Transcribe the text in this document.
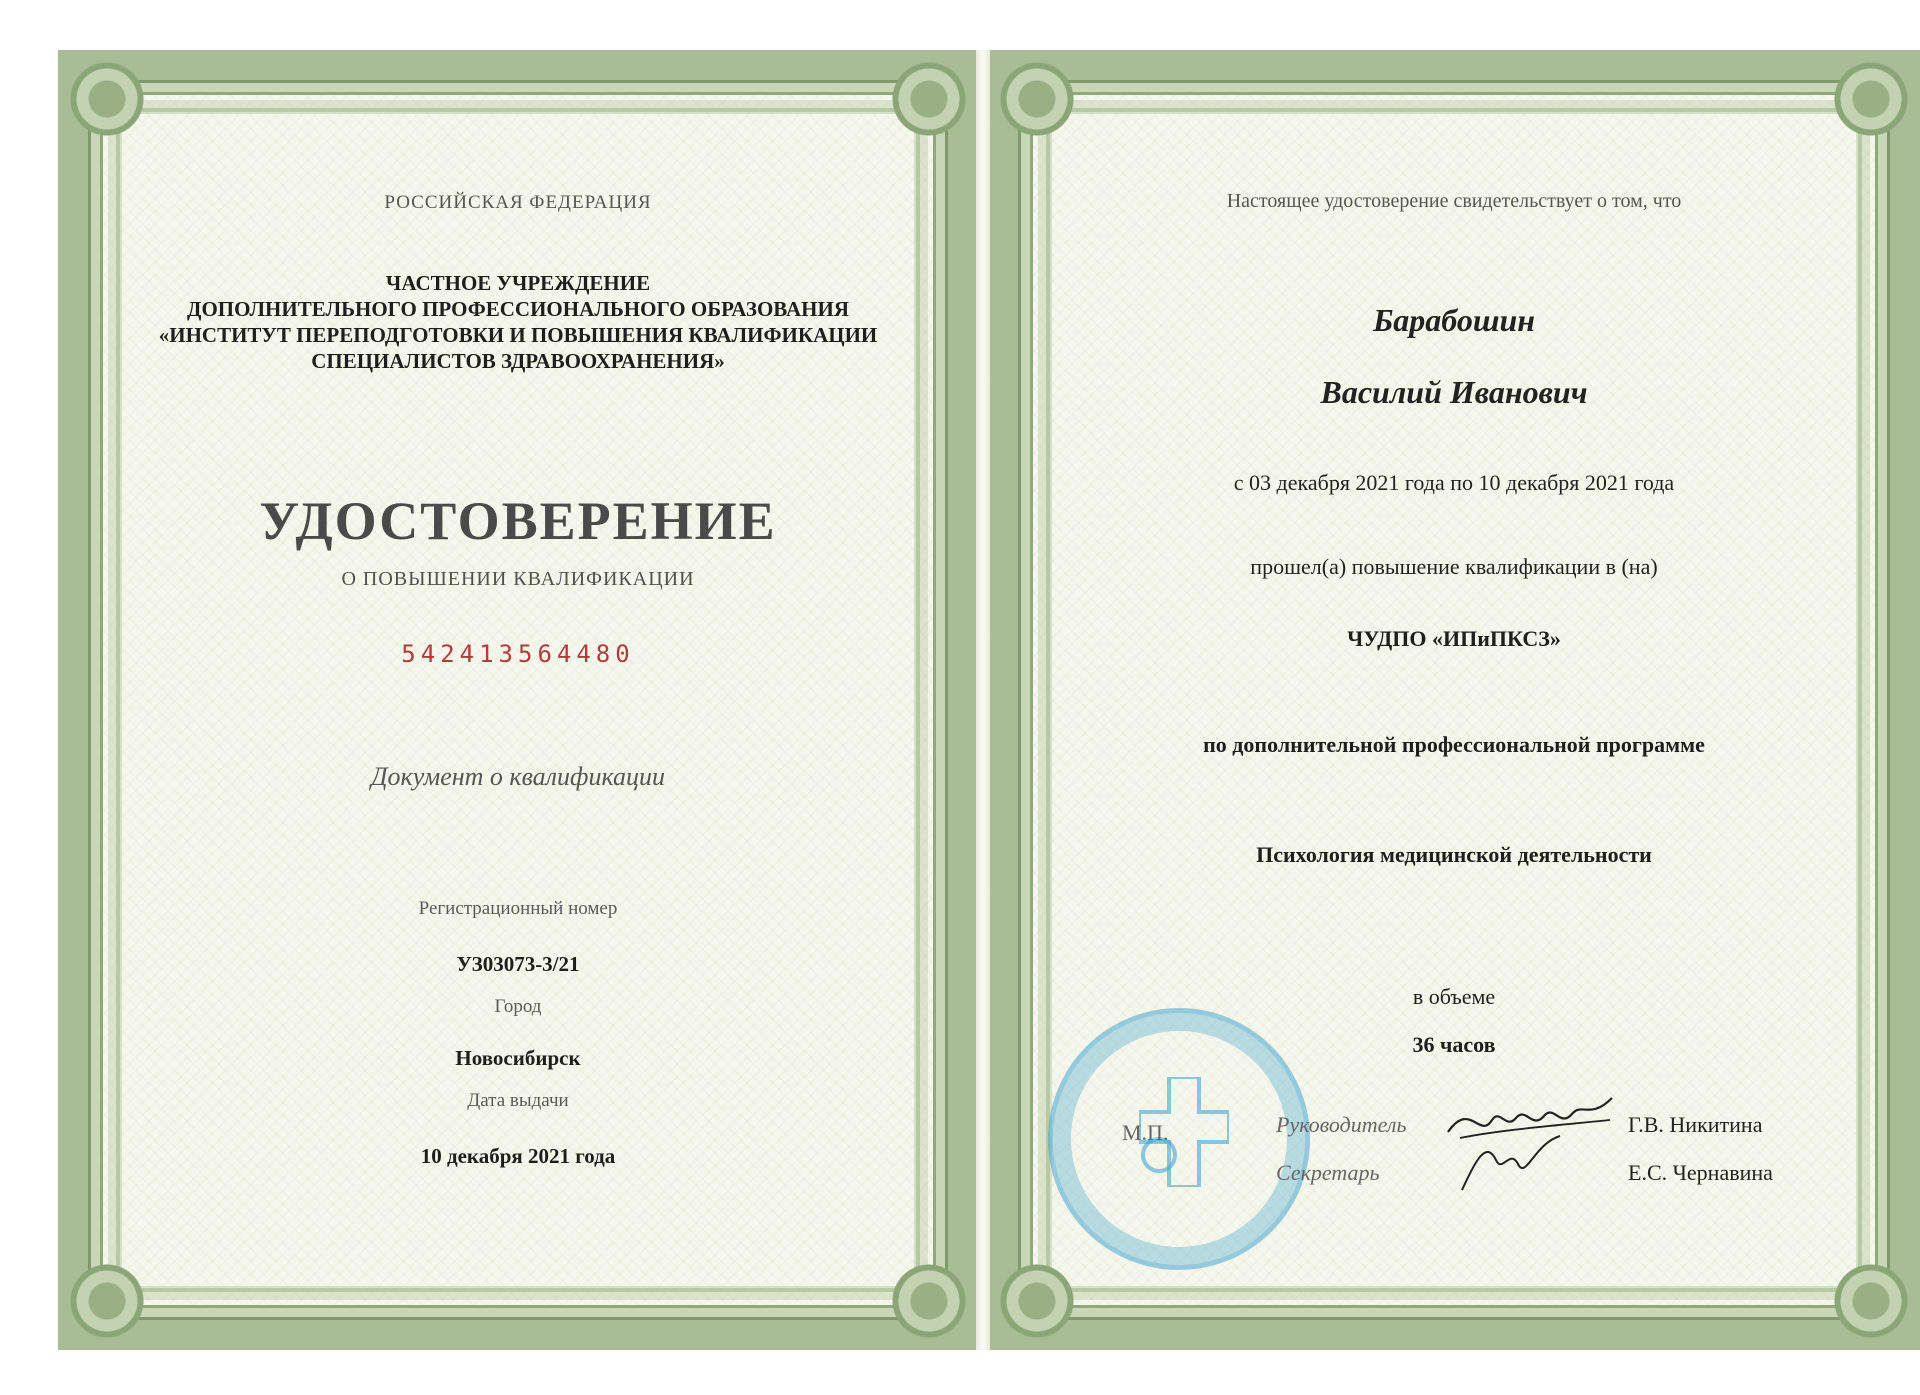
РОССИЙСКАЯ ФЕДЕРАЦИЯ
ЧАСТНОЕ УЧРЕЖДЕНИЕ
ДОПОЛНИТЕЛЬНОГО ПРОФЕССИОНАЛЬНОГО ОБРАЗОВАНИЯ
«ИНСТИТУТ ПЕРЕПОДГОТОВКИ И ПОВЫШЕНИЯ КВАЛИФИКАЦИИ
СПЕЦИАЛИСТОВ ЗДРАВООХРАНЕНИЯ»
УДОСТОВЕРЕНИЕ
О ПОВЫШЕНИИ КВАЛИФИКАЦИИ
542413564480
Документ о квалификации
Регистрационный номер
УЗ03073-3/21
Город
Новосибирск
Дата выдачи
10 декабря 2021 года
Настоящее удостоверение свидетельствует о том, что
Барабошин
Василий Иванович
с 03 декабря 2021 года по 10 декабря 2021 года
прошел(а) повышение квалификации в (на)
ЧУДПО «ИПиПКСЗ»
по дополнительной профессиональной программе
Психология медицинской деятельности
в объеме
36 часов
М.П.	Руководитель
Секретарь
Г.В. Никитина
Е.С. Чернавина
